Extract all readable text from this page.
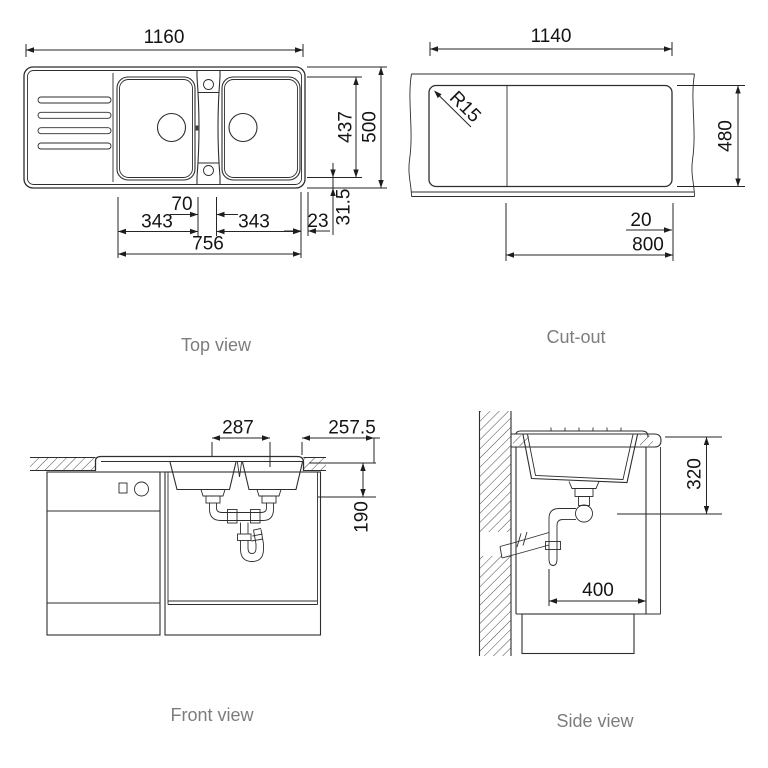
1160
437 500
31.5
23
70
343	343
756
Top view
R15
1140
480
20
800
Cut-out
287	257.5
190
Front view
320
400
Side view
